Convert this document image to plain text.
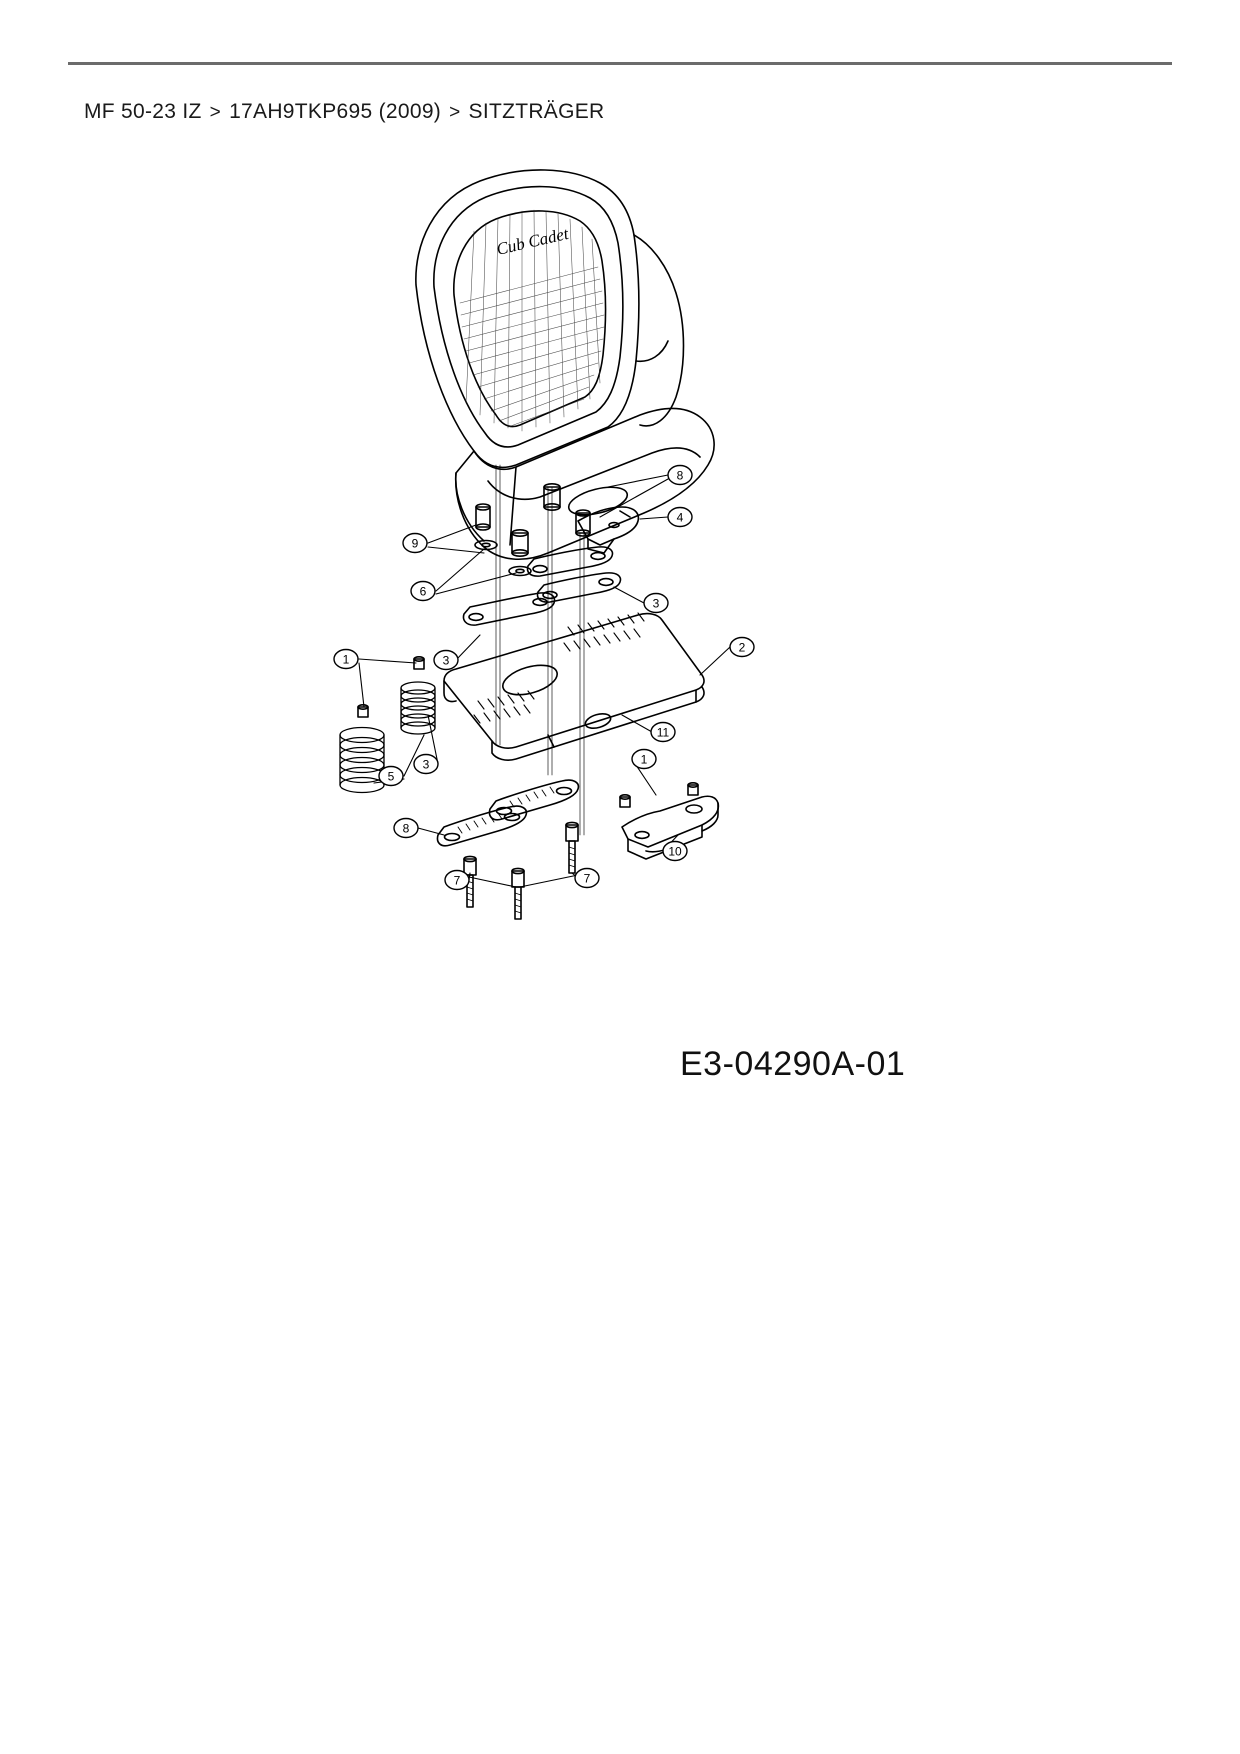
MF 50-23 IZ > 17AH9TKP695 (2009) > SITZTRÄGER
Cub Cadet
8
4
9
6
3
1	3
2
11
5
3	1
8
10
7	7
E3-04290A-01
